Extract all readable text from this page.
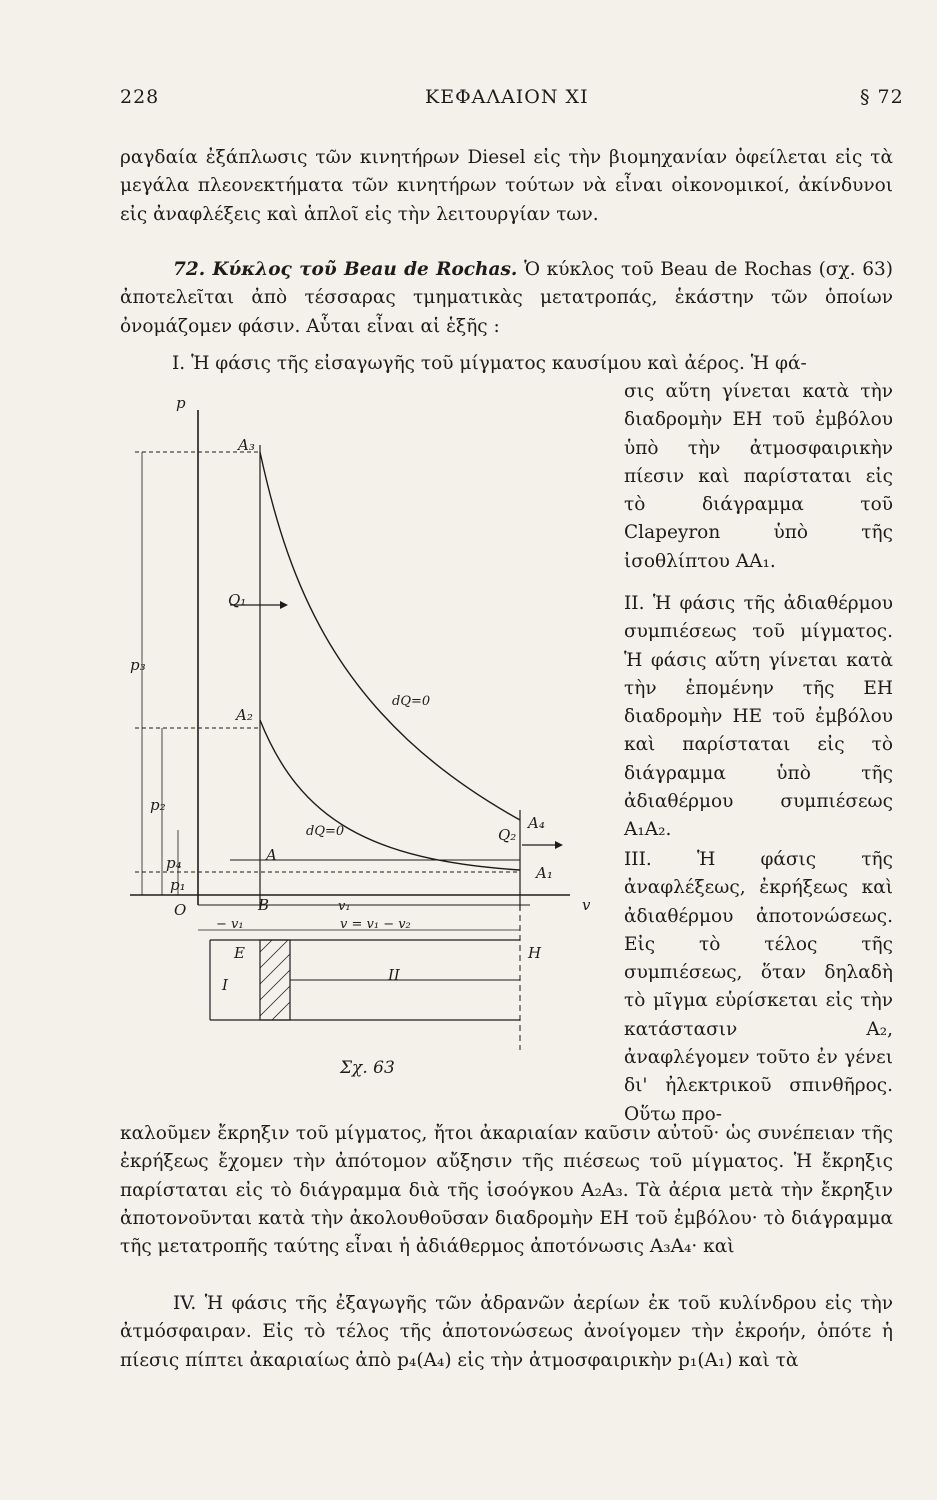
228	ΚΕΦΑΛΑΙΟΝ XI	§ 72

ραγδαία ἐξάπλωσις τῶν κινητήρων Diesel εἰς τὴν βιομηχανίαν ὀφείλεται εἰς τὰ μεγάλα πλεονεκτήματα τῶν κινητήρων τούτων νὰ εἶναι οἰκονομικοί, ἀκίνδυνοι εἰς ἀναφλέξεις καὶ ἁπλοῖ εἰς τὴν λειτουργίαν των.

72. Κύκλος τοῦ Beau de Rochas. Ὁ κύκλος τοῦ Beau de Rochas (σχ. 63) ἀποτελεῖται ἀπὸ τέσσαρας τμηματικὰς μετατροπάς, ἑκάστην τῶν ὁποίων ὀνομάζομεν φάσιν. Αὗται εἶναι αἱ ἑξῆς :

I. Ἡ φάσις τῆς εἰσαγωγῆς τοῦ μίγματος καυσίμου καὶ ἀέρος. Ἡ φά-

σις αὕτη γίνεται κατὰ τὴν διαδρομὴν ΕΗ τοῦ ἐμβόλου ὑπὸ τὴν ἀτμοσφαιρικὴν πίεσιν καὶ παρίσταται εἰς τὸ διάγραμμα τοῦ Clapeyron ὑπὸ τῆς ἰσοθλίπτου ΑΑ₁.

II. Ἡ φάσις τῆς ἀδιαθέρμου συμπιέσεως τοῦ μίγματος. Ἡ φάσις αὕτη γίνεται κατὰ τὴν ἑπομένην τῆς ΕΗ διαδρομὴν ΗΕ τοῦ ἐμβόλου καὶ παρίσταται εἰς τὸ διάγραμμα ὑπὸ τῆς ἀδιαθέρμου συμπιέσεως Α₁Α₂.

III. Ἡ φάσις τῆς ἀναφλέξεως, ἐκρήξεως καὶ ἀδιαθέρμου ἀποτονώσεως. Εἰς τὸ τέλος τῆς συμπιέσεως, ὅταν δηλαδὴ τὸ μῖγμα εὑρίσκεται εἰς τὴν κατάστασιν Α₂, ἀναφλέγομεν τοῦτο ἐν γένει δι' ἠλεκτρικοῦ σπινθῆρος. Οὕτω προ-

p
A₃
Q₁
p₃
dQ=0
A₂
p₂
dQ=0	A₄
Q₂
A
p₄
A₁
p₁
O	B	v₁	v
− v₁	v = v₁ − v₂
E	H
I
II
Σχ. 63

καλοῦμεν ἔκρηξιν τοῦ μίγματος, ἤτοι ἀκαριαίαν καῦσιν αὐτοῦ· ὡς συνέπειαν τῆς ἐκρήξεως ἔχομεν τὴν ἀπότομον αὔξησιν τῆς πιέσεως τοῦ μίγματος. Ἡ ἔκρηξις παρίσταται εἰς τὸ διάγραμμα διὰ τῆς ἰσοόγκου Α₂Α₃. Τὰ ἀέρια μετὰ τὴν ἔκρηξιν ἀποτονοῦνται κατὰ τὴν ἀκολουθοῦσαν διαδρομὴν ΕΗ τοῦ ἐμβόλου· τὸ διάγραμμα τῆς μετατροπῆς ταύτης εἶναι ἡ ἀδιάθερμος ἀποτόνωσις Α₃Α₄· καὶ

IV. Ἡ φάσις τῆς ἐξαγωγῆς τῶν ἀδρανῶν ἀερίων ἐκ τοῦ κυλίνδρου εἰς τὴν ἀτμόσφαιραν. Εἰς τὸ τέλος τῆς ἀποτονώσεως ἀνοίγομεν τὴν ἐκροήν, ὁπότε ἡ πίεσις πίπτει ἀκαριαίως ἀπὸ p₄(Α₄) εἰς τὴν ἀτμοσφαιρικὴν p₁(Α₁) καὶ τὰ
